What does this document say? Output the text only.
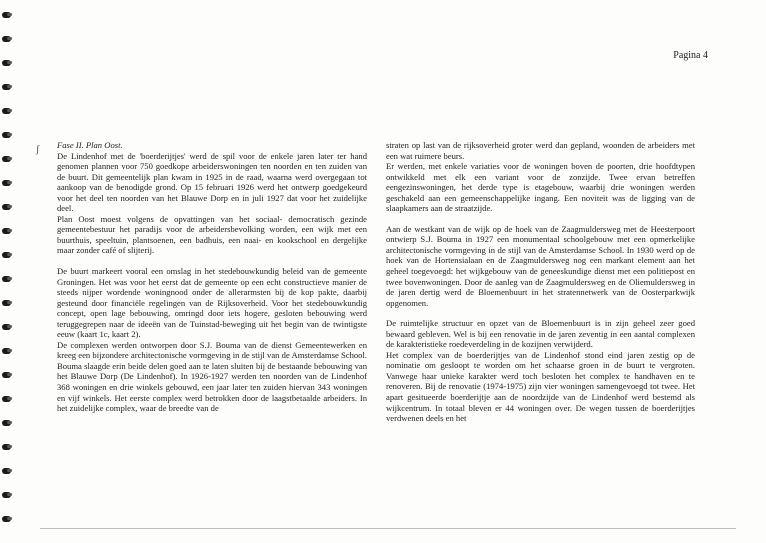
Pagina 4
ʃ Fase II. Plan Oost.

De Lindenhof met de 'boerderijtjes' werd de spil voor de enkele jaren later ter hand genomen plannen voor 750 goedkope arbeiderswoningen ten noorden en ten zuiden van de buurt. Dit gemeentelijk plan kwam in 1925 in de raad, waarna werd overgegaan tot aankoop van de benodigde grond. Op 15 februari 1926 werd het ontwerp goedgekeurd voor het deel ten noorden van het Blauwe Dorp en in juli 1927 dat voor het zuidelijke deel.

Plan Oost moest volgens de opvattingen van het sociaal- democratisch gezinde gemeentebestuur het paradijs voor de arbeidersbevolking worden, een wijk met een buurthuis, speeltuin, plantsoenen, een badhuis, een naai- en kookschool en dergelijke maar zonder café of slijterij.

De buurt markeert vooral een omslag in het stedebouwkundig beleid van de gemeente Groningen. Het was voor het eerst dat de gemeente op een echt constructieve manier de steeds nijper wordende woningnood onder de allerarmsten bij de kop pakte, daarbij gesteund door financiële regelingen van de Rijksoverheid. Voor het stedebouwkundig concept, open lage bebouwing, omringd door iets hogere, gesloten bebouwing werd teruggegrepen naar de ideeën van de Tuinstad-beweging uit het begin van de twintigste eeuw (kaart 1c, kaart 2).

De complexen werden ontworpen door S.J. Bouma van de dienst Gemeentewerken en kreeg een bijzondere architectonische vormgeving in de stijl van de Amsterdamse School. Bouma slaagde erin beide delen goed aan te laten sluiten bij de bestaande bebouwing van het Blauwe Dorp (De Lindenhof). In 1926-1927 werden ten noorden van de Lindenhof 368 woningen en drie winkels gebouwd, een jaar later ten zuiden hiervan 343 woningen en vijf winkels. Het eerste complex werd betrokken door de laagstbetaalde arbeiders. In het zuidelijke complex, waar de breedte van de

straten op last van de rijksoverheid groter werd dan gepland, woonden de arbeiders met een wat ruimere beurs.

Er werden, met enkele variaties voor de woningen boven de poorten, drie hoofdtypen ontwikkeld met elk een variant voor de zonzijde. Twee ervan betreffen eengezinswoningen, het derde type is etagebouw, waarbij drie woningen werden geschakeld aan een gemeenschappelijke ingang. Een noviteit was de ligging van de slaapkamers aan de straatzijde.

Aan de westkant van de wijk op de hoek van de Zaagmuldersweg met de Heesterpoort ontwierp S.J. Bouma in 1927 een monumentaal schoolgebouw met een opmerkelijke architectonische vormgeving in de stijl van de Amsterdamse School. In 1930 werd op de hoek van de Hortensialaan en de Zaagmuldersweg nog een markant element aan het geheel toegevoegd: het wijkgebouw van de geneeskundige dienst met een politiepost en twee bovenwoningen. Door de aanleg van de Zaagmuldersweg en de Oliemuldersweg in de jaren dertig werd de Bloemenbuurt in het stratennetwerk van de Oosterparkwijk opgenomen.

De ruimtelijke structuur en opzet van de Bloemenbuurt is in zijn geheel zeer goed bewaard gebleven. Wel is bij een renovatie in de jaren zeventig in een aantal complexen de karakteristieke roedeverdeling in de kozijnen verwijderd.

Het complex van de boerderijtjes van de Lindenhof stond eind jaren zestig op de nominatie om gesloopt te worden om het schaarse groen in de buurt te vergroten. Vanwege haar unieke karakter werd toch besloten het complex te handhaven en te renoveren. Bij de renovatie (1974-1975) zijn vier woningen samengevoegd tot twee. Het apart gesitueerde boerderijtje aan de noordzijde van de Lindenhof werd bestemd als wijkcentrum. In totaal bleven er 44 woningen over. De wegen tussen de boerderijtjes verdwenen deels en het
